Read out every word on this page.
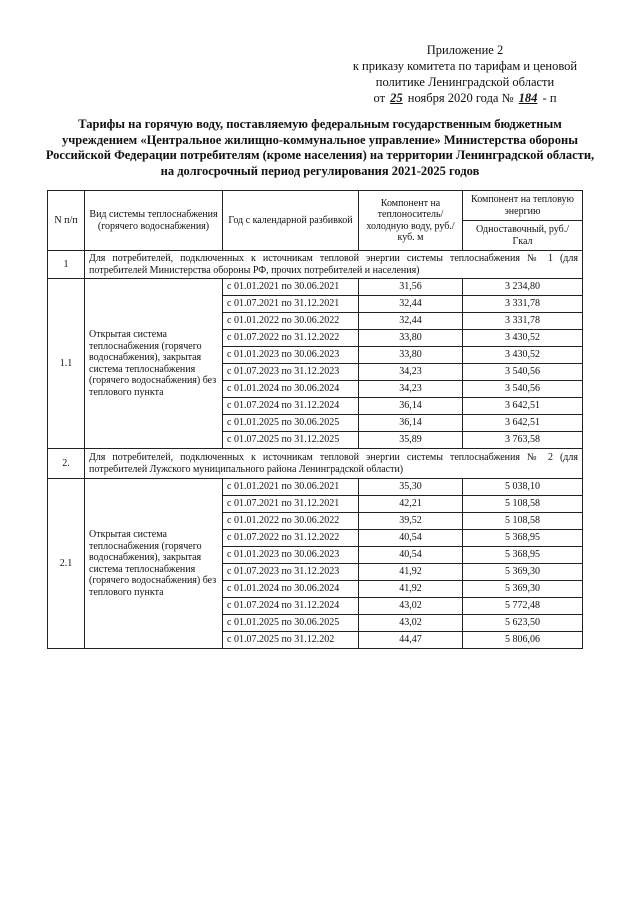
Приложение 2
к приказу комитета по тарифам и ценовой
политике Ленинградской области
от 25 ноября 2020 года № 184 - п
Тарифы на горячую воду, поставляемую федеральным государственным бюджетным учреждением «Центральное жилищно-коммунальное управление» Министерства обороны Российской Федерации потребителям (кроме населения) на территории Ленинградской области, на долгосрочный период регулирования 2021-2025 годов
N п/п	Вид системы теплоснабжения (горячего водоснабжения)	Год с календарной разбивкой	Компонент на теплоноситель/ холодную воду, руб./куб. м	Компонент на тепловую энергию
				Одноставочный, руб./Гкал
1	Для потребителей, подключенных к источникам тепловой энергии системы теплоснабжения № 1 (для потребителей Министерства обороны РФ, прочих потребителей и населения)			
1.1	Открытая система теплоснабжения (горячего водоснабжения), закрытая система теплоснабжения (горячего водоснабжения) без теплового пункта	с 01.01.2021 по 30.06.2021	31,56	3 234,80
		с 01.07.2021 по 31.12.2021	32,44	3 331,78
		с 01.01.2022 по 30.06.2022	32,44	3 331,78
		с 01.07.2022 по 31.12.2022	33,80	3 430,52
		с 01.01.2023 по 30.06.2023	33,80	3 430,52
		с 01.07.2023 по 31.12.2023	34,23	3 540,56
		с 01.01.2024 по 30.06.2024	34,23	3 540,56
		с 01.07.2024 по 31.12.2024	36,14	3 642,51
		с 01.01.2025 по 30.06.2025	36,14	3 642,51
		с 01.07.2025 по 31.12.2025	35,89	3 763,58
2.	Для потребителей, подключенных к источникам тепловой энергии системы теплоснабжения № 2 (для потребителей Лужского муниципального района Ленинградской области)			
2.1	Открытая система теплоснабжения (горячего водоснабжения), закрытая система теплоснабжения (горячего водоснабжения) без теплового пункта	с 01.01.2021 по 30.06.2021	35,30	5 038,10
		с 01.07.2021 по 31.12.2021	42,21	5 108,58
		с 01.01.2022 по 30.06.2022	39,52	5 108,58
		с 01.07.2022 по 31.12.2022	40,54	5 368,95
		с 01.01.2023 по 30.06.2023	40,54	5 368,95
		с 01.07.2023 по 31.12.2023	41,92	5 369,30
		с 01.01.2024 по 30.06.2024	41,92	5 369,30
		с 01.07.2024 по 31.12.2024	43,02	5 772,48
		с 01.01.2025 по 30.06.2025	43,02	5 623,50
		с 01.07.2025 по 31.12.202	44,47	5 806,06
